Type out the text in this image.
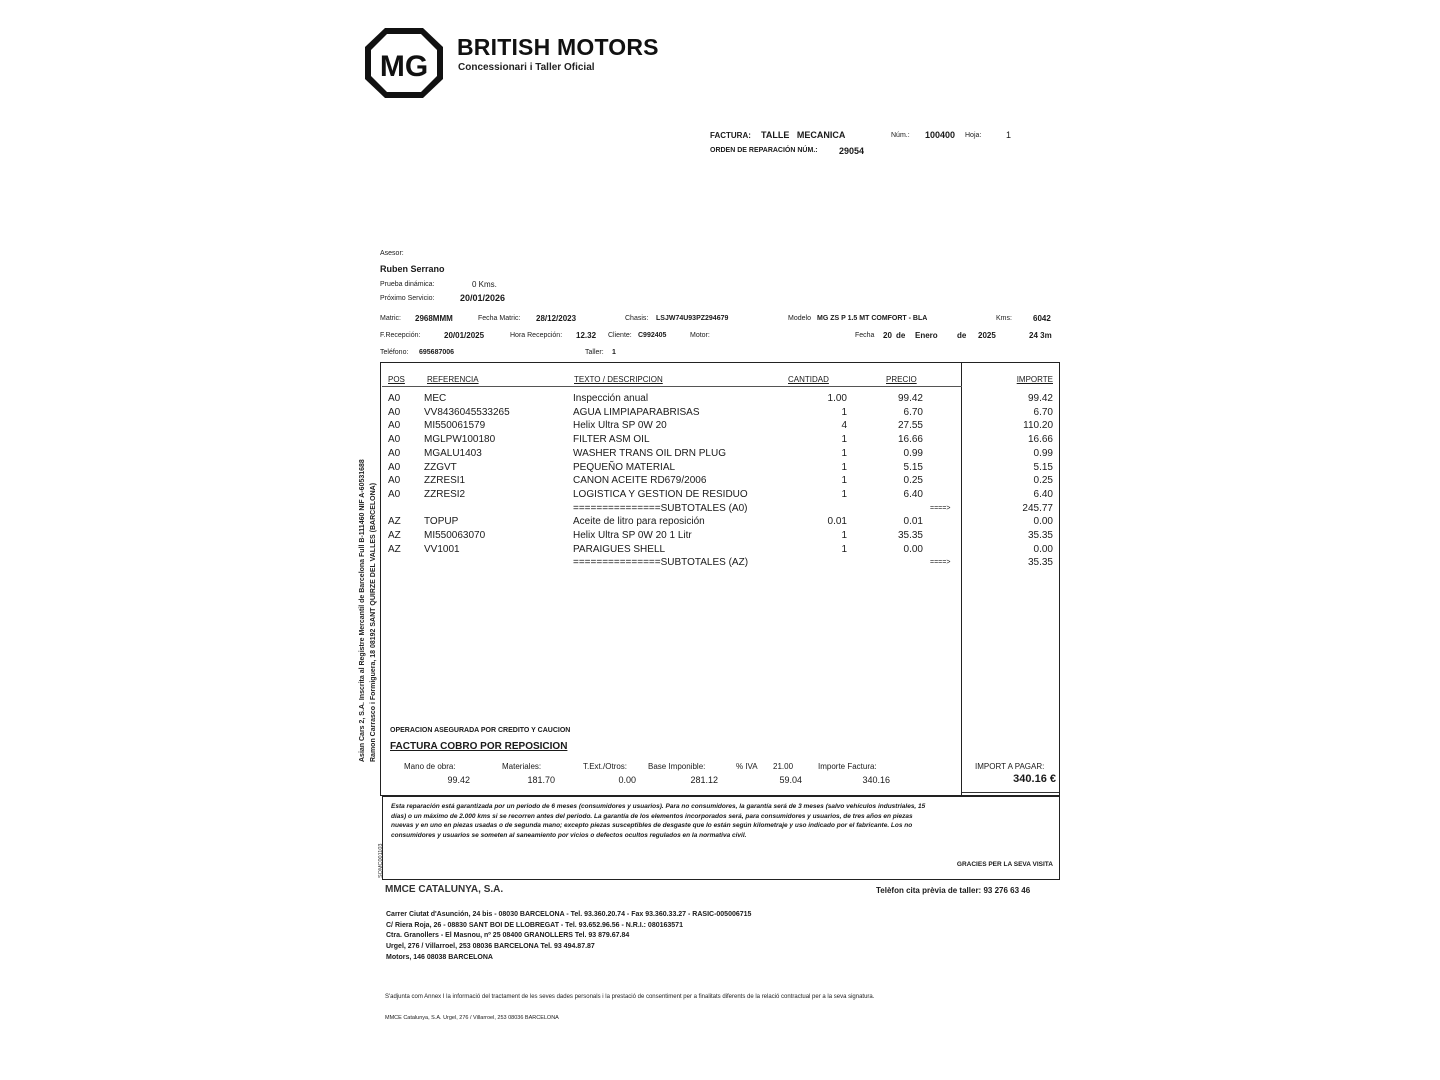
MG
BRITISH MOTORS
Concessionari i Taller Oficial
FACTURA: TALLE   MECANICA	Núm.: 100400 Hoja:	1
ORDEN DE REPARACIÓN NÚM.: 29054
Asesor:
Ruben Serrano
Prueba dinámica:	0 Kms.
Próximo Servicio:	20/01/2026
Matric: 2968MMM	Fecha Matric: 28/12/2023	Chasis: LSJW74U93PZ294679	Modelo MG ZS P 1.5 MT COMFORT - BLA	Kms:	6042
F.Recepción:	20/01/2025	Hora Recepción: 12.32 Cliente: C992405	Motor:	Fecha 20 de Enero de 2025	24 3m
Teléfono: 695687006	Taller: 1
Asian Cars 2, S.A. Inscrita al Registre Mercantil de Barcelona Full B-111460 NIF A-60531688 Ramon Carrasco i Formiguera, 18 08192 SANT QUIRZE DEL VALLES (BARCELONA)
SOMC001103
POS	REFERENCIA	TEXTO / DESCRIPCION	CANTIDAD	PRECIO	IMPORTE
A0	MEC	Inspección anual	1.00	99.42	99.42
A0	VV8436045533265	AGUA LIMPIAPARABRISAS	1	6.70	6.70
A0	MI550061579	Helix Ultra SP 0W 20	4	27.55	110.20
A0	MGLPW100180	FILTER ASM OIL	1	16.66	16.66
A0	MGALU1403	WASHER TRANS OIL DRN PLUG	1	0.99	0.99
A0	ZZGVT	PEQUEÑO MATERIAL	1	5.15	5.15
A0	ZZRESI1	CANON ACEITE RD679/2006	1	0.25	0.25
A0	ZZRESI2	LOGISTICA Y GESTION DE RESIDUO	1	6.40	6.40
===============SUBTOTALES (A0)	====>	245.77
AZ	TOPUP	Aceite de litro para reposición	0.01	0.01	0.00
AZ	MI550063070	Helix Ultra SP 0W 20 1 Litr	1	35.35	35.35
AZ	VV1001	PARAIGUES SHELL	1	0.00	0.00
===============SUBTOTALES (AZ)	====>	35.35
OPERACION ASEGURADA POR CREDITO Y CAUCION
FACTURA COBRO POR REPOSICION
Mano de obra:
99.42
Materiales:
181.70
T.Ext./Otros:
0.00
Base Imponible:
281.12
% IVA 21.00
59.04
Importe Factura:
340.16
IMPORT A PAGAR:
340.16 €
Esta reparación está garantizada por un periodo de 6 meses (consumidores y usuarios). Para no consumidores, la garantía será de 3 meses (salvo vehículos industriales, 15 días) o un máximo de 2.000 kms si se recorren antes del periodo. La garantía de los elementos incorporados será, para consumidores y usuarios, de tres años en piezas nuevas y en uno en piezas usadas o de segunda mano; excepto piezas susceptibles de desgaste que lo están según kilometraje y uso indicado por el fabricante. Los no consumidores y usuarios se someten al saneamiento por vicios o defectos ocultos regulados en la normativa civil.
GRACIES PER LA SEVA VISITA
MMCE CATALUNYA, S.A.	Telèfon cita prèvia de taller: 93 276 63 46
Carrer Ciutat d'Asunción, 24 bis - 08030 BARCELONA - Tel. 93.360.20.74 - Fax 93.360.33.27 - RASIC-005006715
C/ Riera Roja, 26 - 08830 SANT BOI DE LLOBREGAT - Tel. 93.652.96.56 - N.R.I.: 080163571
Ctra. Granollers - El Masnou, nº 25 08400 GRANOLLERS Tel. 93 879.67.84
Urgel, 276 / Villarroel, 253 08036 BARCELONA Tel. 93 494.87.87
Motors, 146 08038 BARCELONA
S'adjunta com Annex I la informació del tractament de les seves dades personals i la prestació de consentiment per a finalitats diferents de la relació contractual per a la seva signatura.
MMCE Catalunya, S.A. Urgel, 276 / Villarroel, 253 08036 BARCELONA
